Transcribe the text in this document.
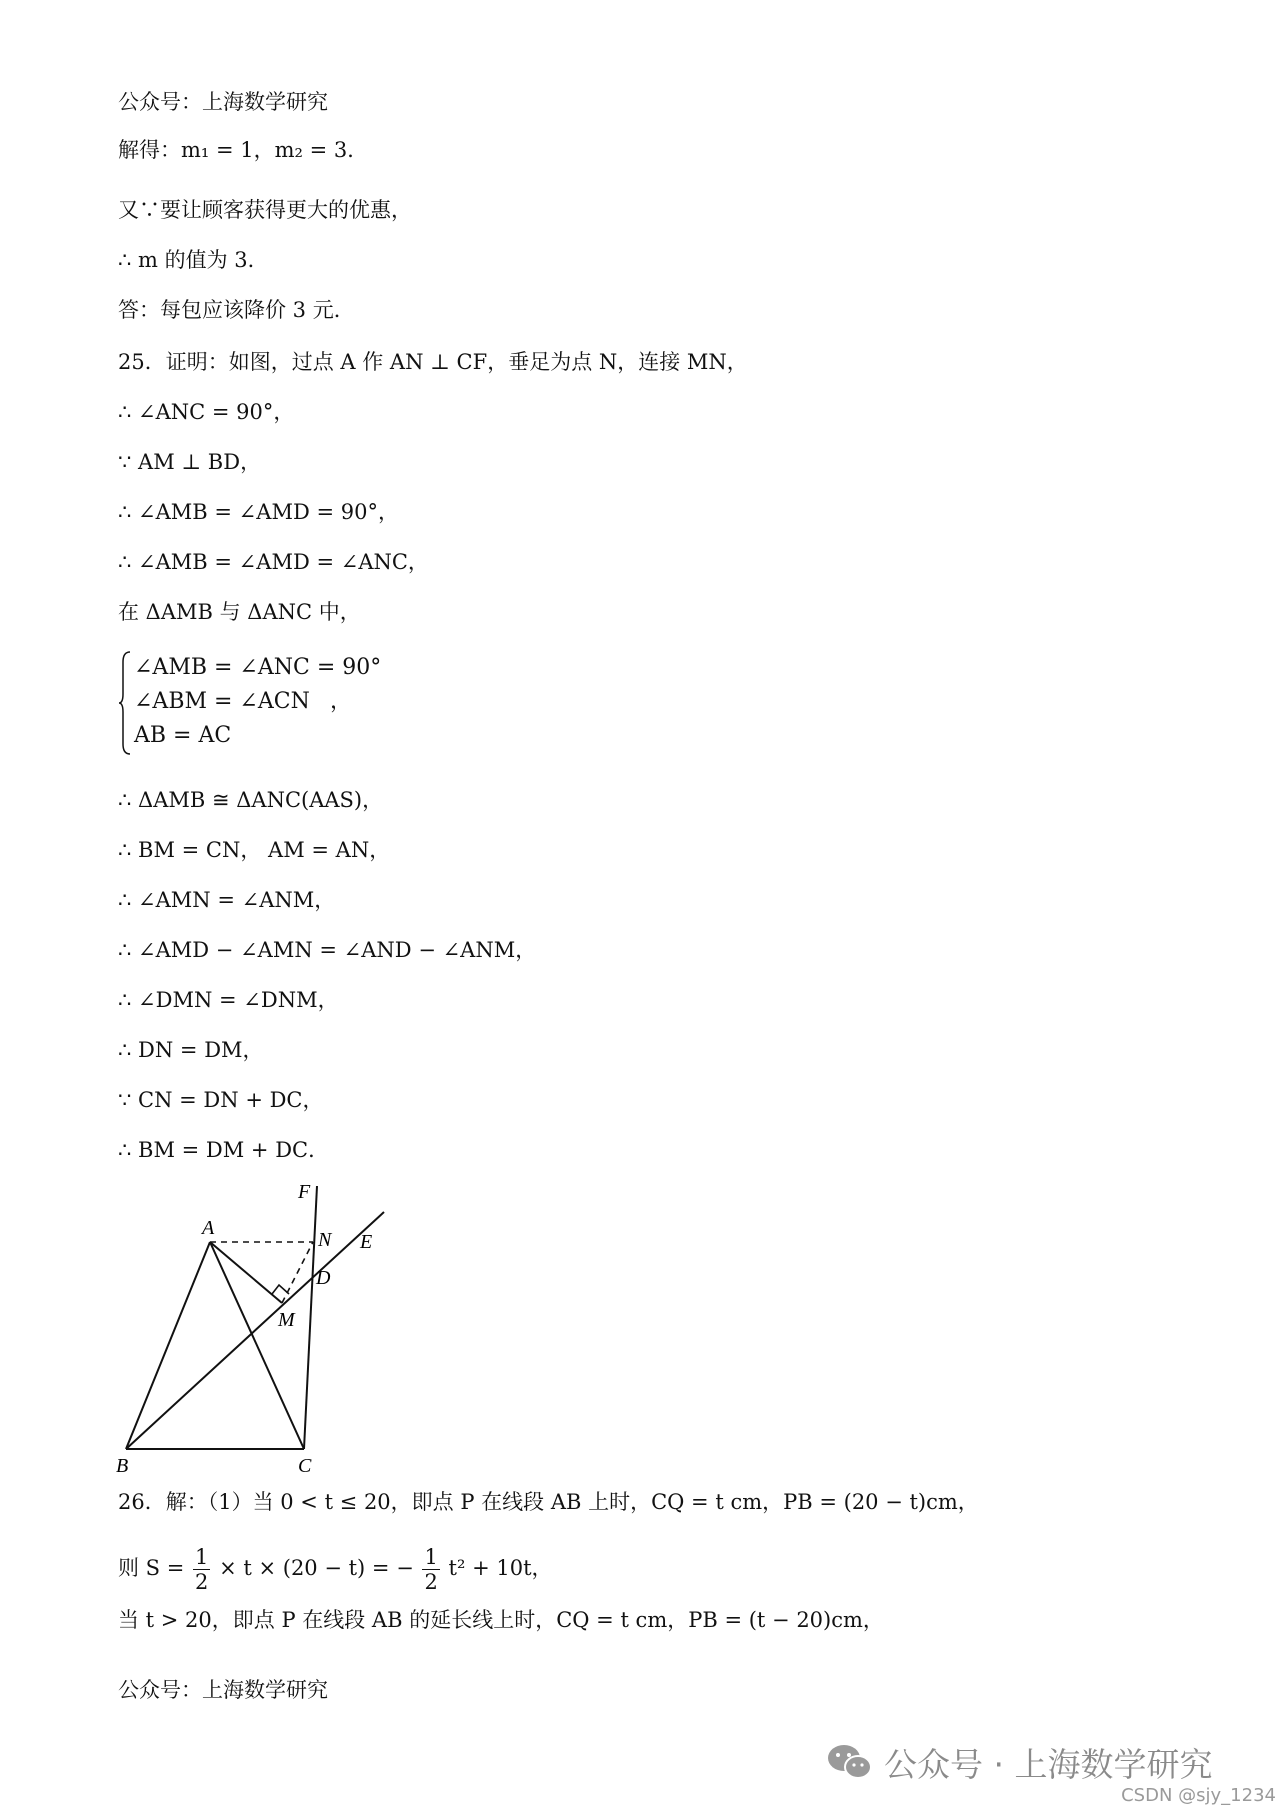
公众号：上海数学研究
解得：m₁ = 1，m₂ = 3．
又∵要让顾客获得更大的优惠，
∴ m 的值为 3．
答：每包应该降价 3 元．
25．证明：如图，过点 A 作 AN ⊥ CF，垂足为点 N，连接 MN，
∴ ∠ANC = 90°，
∵ AM ⊥ BD，
∴ ∠AMB = ∠AMD = 90°，
∴ ∠AMB = ∠AMD = ∠ANC，
在 ΔAMB 与 ΔANC 中，
∠AMB = ∠ANC = 90°
∠ABM = ∠ACN
AB = AC
，
∴ ΔAMB ≅ ΔANC(AAS)，
∴ BM = CN， AM = AN，
∴ ∠AMN = ∠ANM，
∴ ∠AMD − ∠AMN = ∠AND − ∠ANM，
∴ ∠DMN = ∠DNM，
∴ DN = DM，
∵ CN = DN + DC，
∴ BM = DM + DC．
F
A
N E
D
M
B	C
26．解：（1）当 0 < t ≤ 20，即点 P 在线段 AB 上时，CQ = t cm，PB = (20 − t)cm，
则 $S = \frac{1}{2} \times t \times (20 - t)$ = − $\frac{1}{2} t^2 + 10t$，
当 t > 20，即点 P 在线段 AB 的延长线上时，CQ = t cm，PB = (t − 20)cm，
公众号：上海数学研究
公众号 · 上海数学研究
CSDN @sjy_1234
